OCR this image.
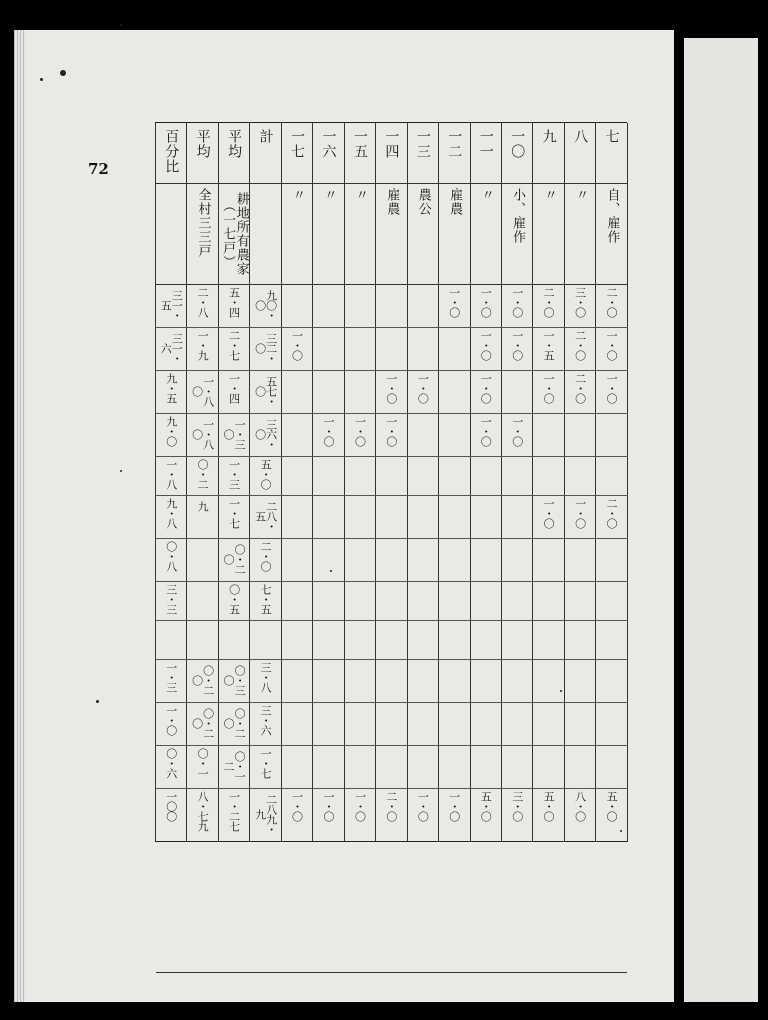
72	百分比	平均	平均	計	一七	一六	一五	一四	一三	一二	一一	一〇	九	八	七
	全村三三戸	耕地所有農家（一七戸）		〃	〃	〃	雇農	農公	雇農	〃	小、雇作	〃	〃	自、雇作
三一・五	二・八	五・四	九〇・〇						一・〇	一・〇	一・〇	二・〇	三・〇	二・〇
三一・六	一・九	二・七	三二・〇	一・〇						一・〇	一・〇	一・五	二・〇	一・〇
九・五	一・八〇	一・四	五七・〇				一・〇	一・〇		一・〇		一・〇	二・〇	一・〇
九・〇	一・八〇	一・三〇	三六・〇		一・〇	一・〇	一・〇			一・〇	一・〇			
一・八	〇・二	一・三	五・〇											
九・八	九	一・七	二八・五									一・〇	一・〇	二・〇
〇・八		〇・二〇	二・〇											
三・三		〇・五	七・五											

一・三	〇・二〇	〇・三〇	三・八											
一・〇	〇・二〇	〇・二〇	三・六											
〇・六	〇・一	〇・一二	一・七											
一〇〇	八・七九	一・二七	二八九・九	一・〇	一・〇	一・〇	二・〇	一・〇	一・〇	五・〇	三・〇	五・〇	八・〇	五・〇
